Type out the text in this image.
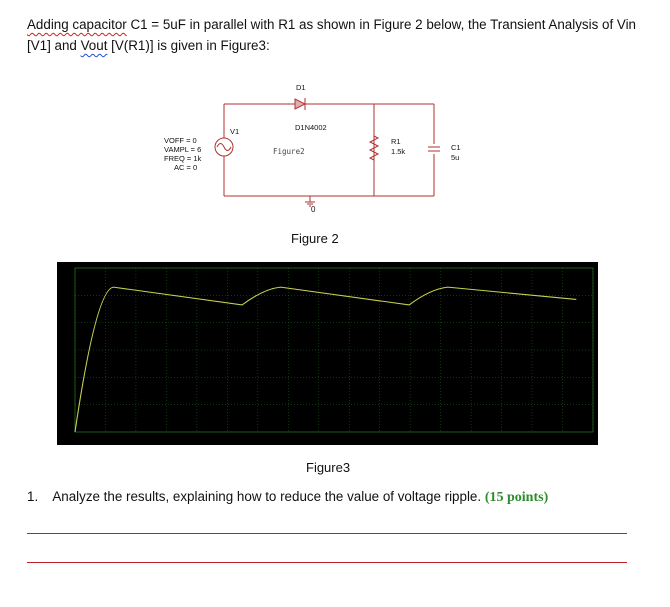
Adding capacitor C1 = 5uF in parallel with R1 as shown in Figure 2 below, the Transient Analysis of Vin [V1] and Vout [V(R1)] is given in Figure3:
D1
D1N4002
V1
VOFF = 0
VAMPL = 6
FREQ = 1k
AC = 0
Figure2
R1
1.5k	C1
5u
0
Figure 2
Figure3
1. Analyze the results, explaining how to reduce the value of voltage ripple. (15 points)
